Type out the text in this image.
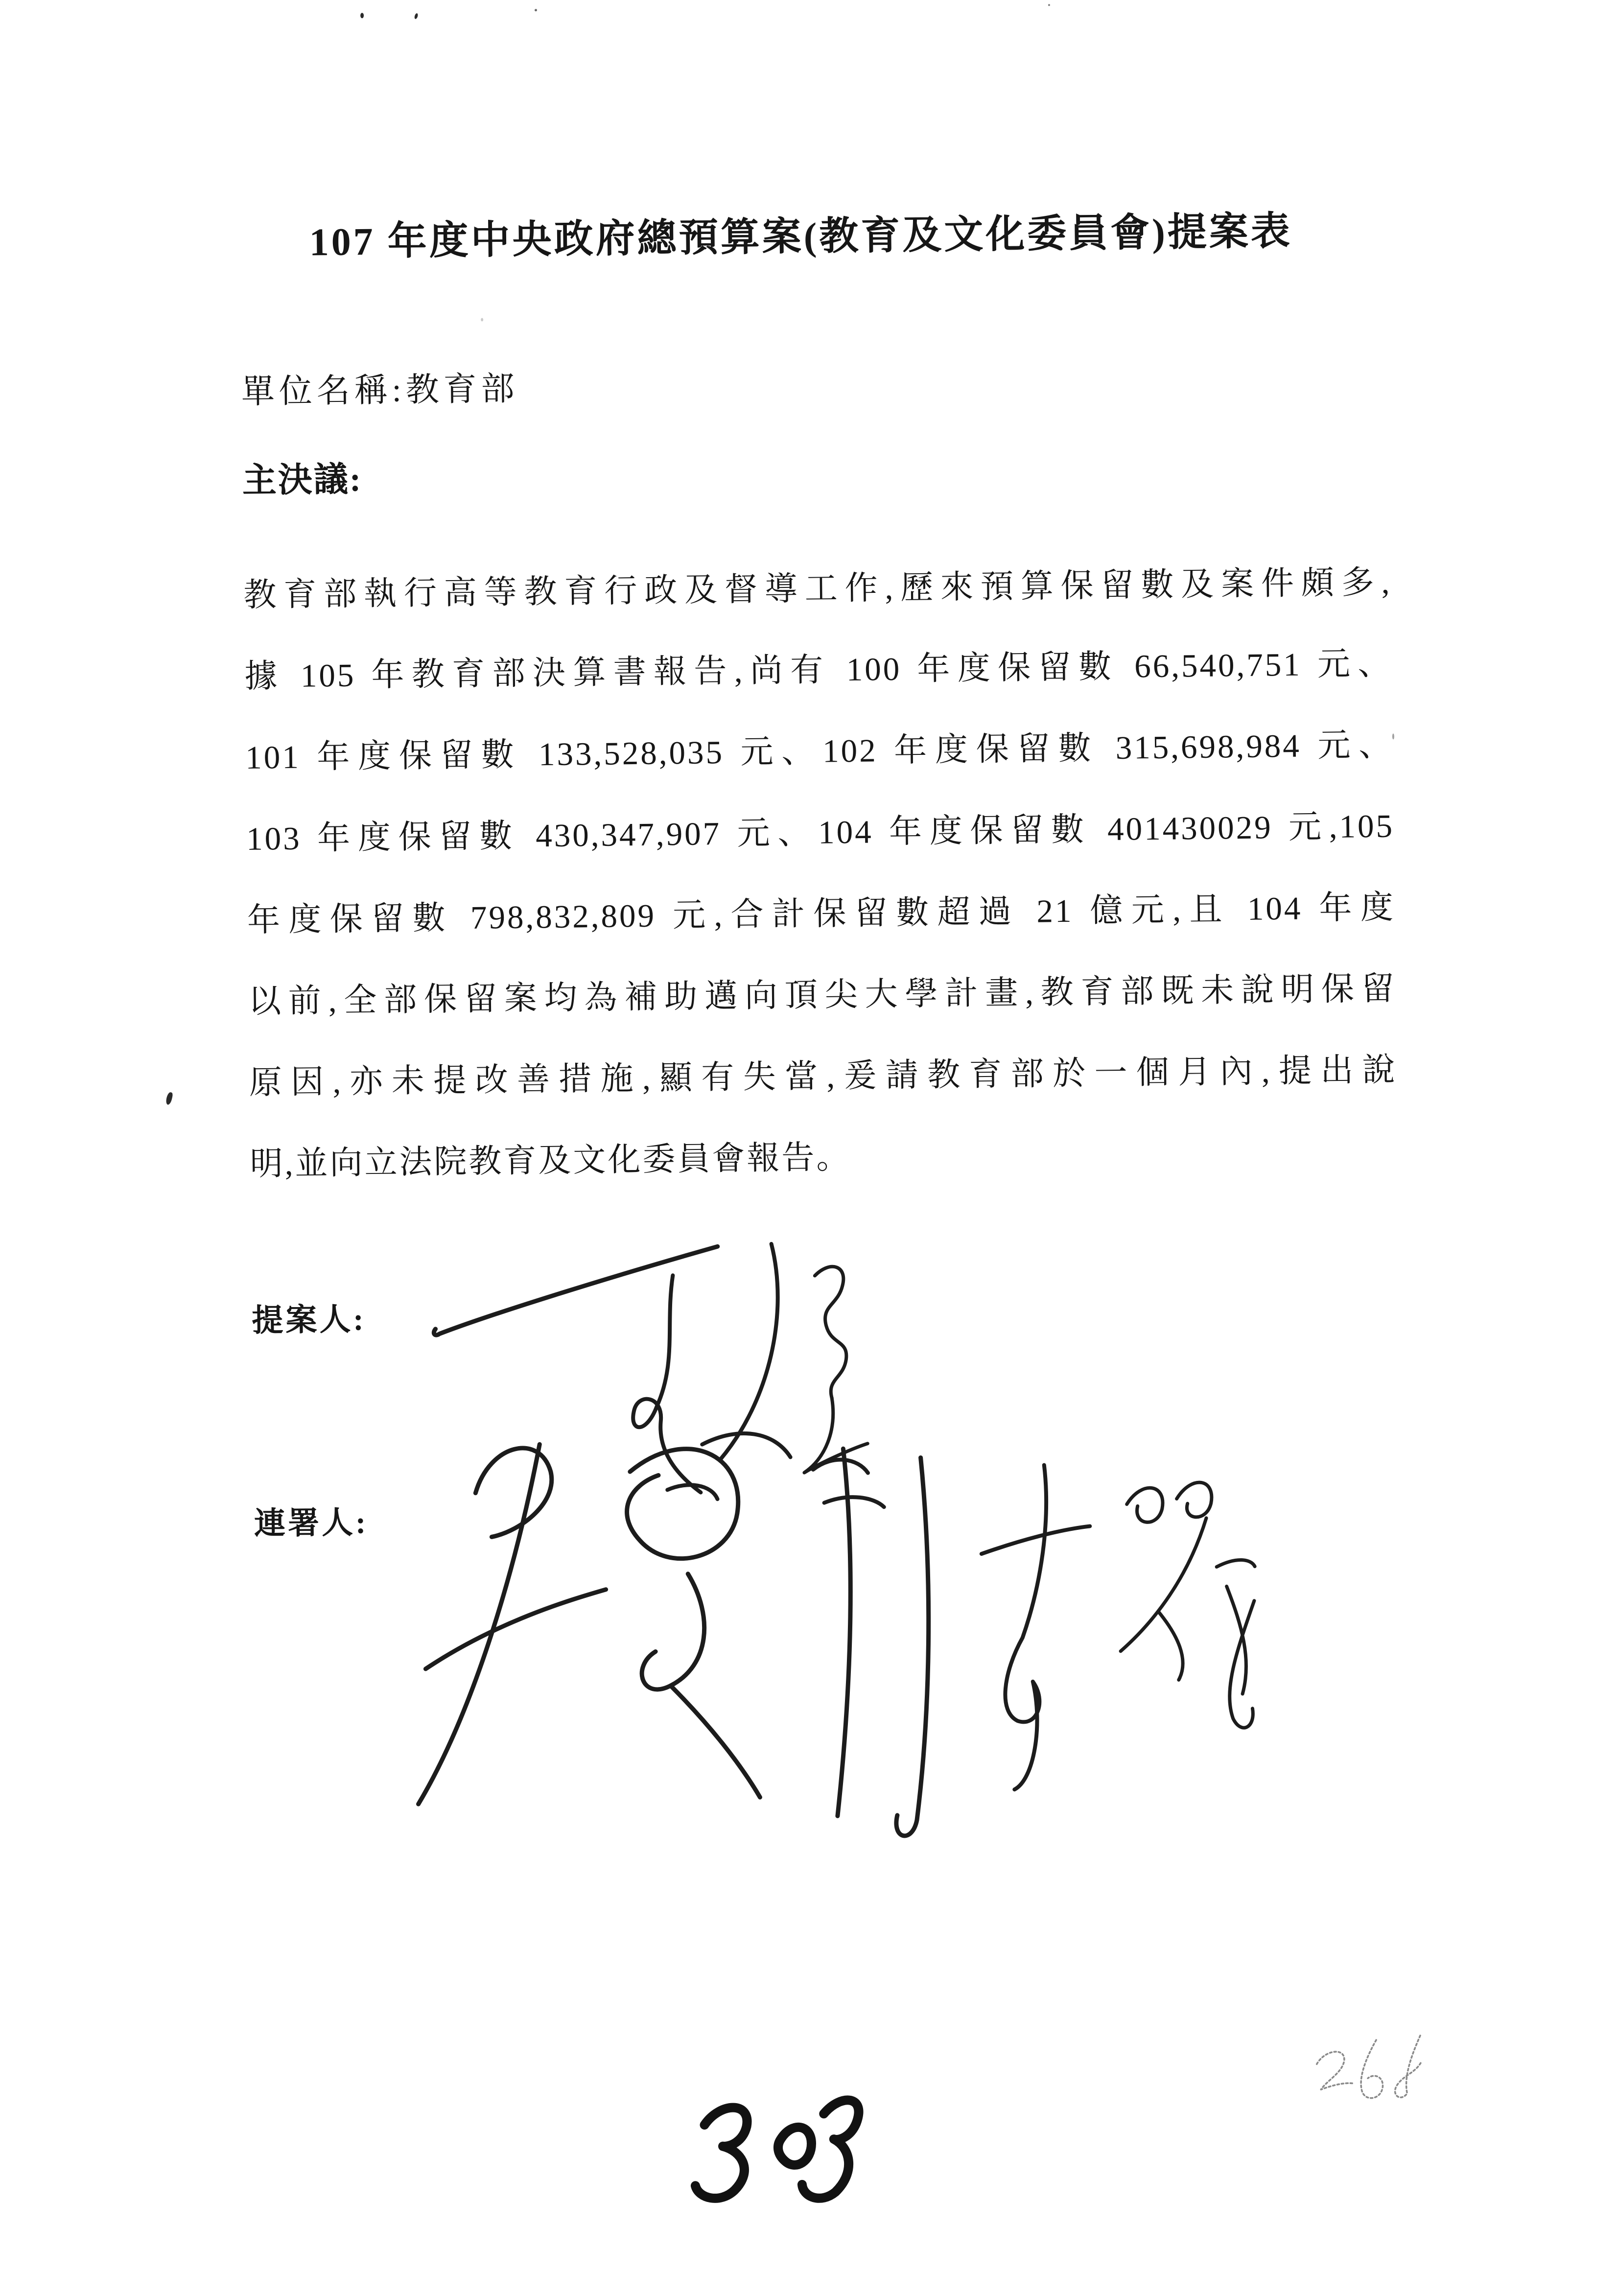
107 年度中央政府總預算案(教育及文化委員會)提案表
單位名稱:教育部
主決議:
教育部執行高等教育行政及督導工作,歷來預算保留數及案件頗多,
據 105 年教育部決算書報告,尚有 100 年度保留數 66,540,751 元、
101 年度保留數 133,528,035 元、102 年度保留數 315,698,984 元、
103 年度保留數 430,347,907 元、104 年度保留數 401430029 元,105
年度保留數 798,832,809 元,合計保留數超過 21 億元,且 104 年度
以前,全部保留案均為補助邁向頂尖大學計畫,教育部既未說明保留
原因,亦未提改善措施,顯有失當,爰請教育部於一個月內,提出說
明,並向立法院教育及文化委員會報告。
提案人:
連署人:
